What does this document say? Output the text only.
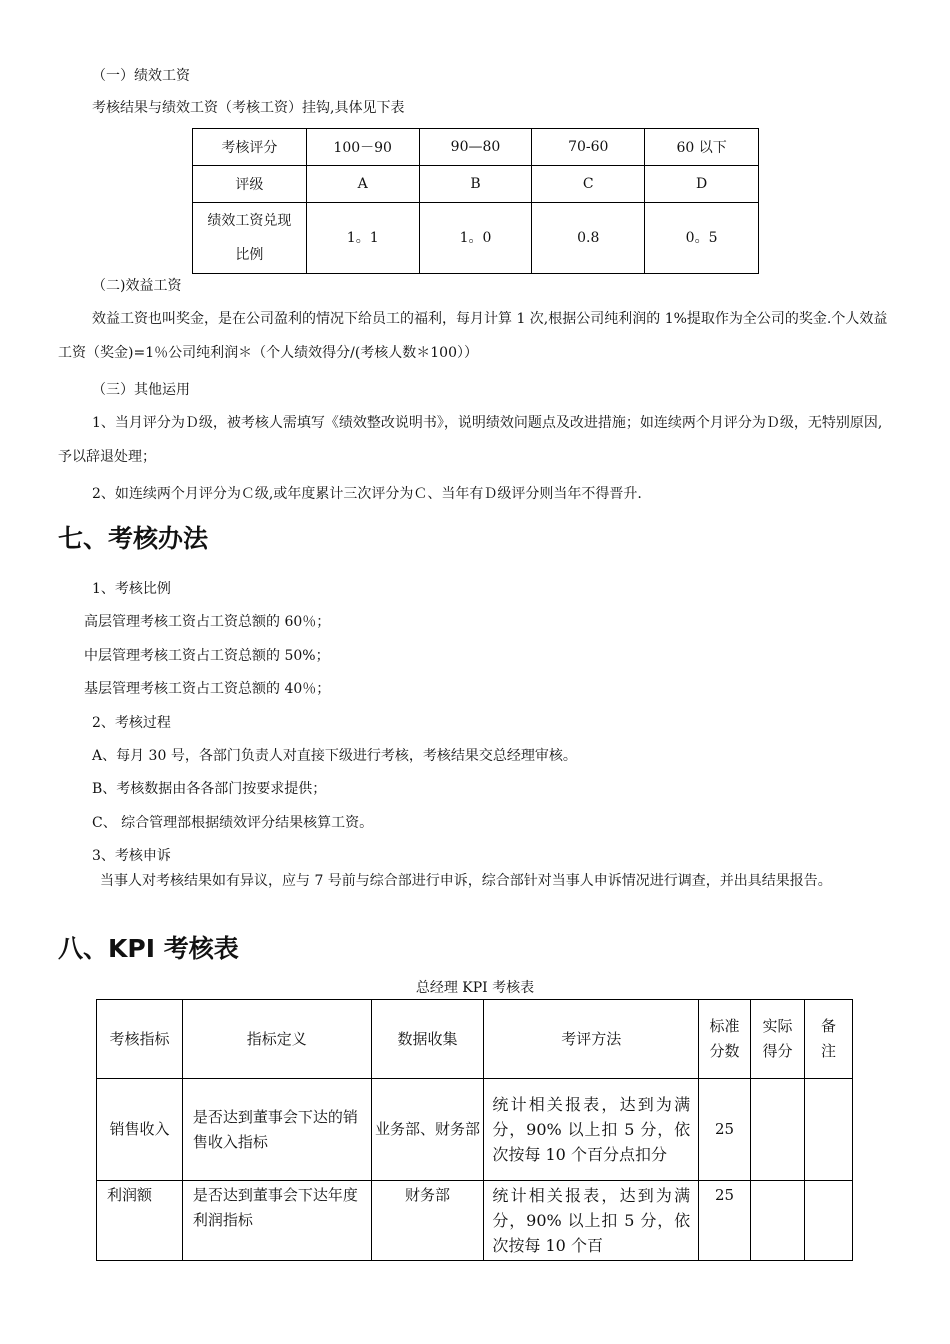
（一）绩效工资
考核结果与绩效工资（考核工资）挂钩,具体见下表
考核评分	100－90	90—80	70-60	60 以下
评级	A	B	C	D
绩效工资兑现比例	1。1	1。0	0.8	0。5
（二)效益工资
效益工资也叫奖金，是在公司盈利的情况下给员工的福利，每月计算 1 次,根据公司纯利润的 1%提取作为全公司的奖金.个人效益工资（奖金)=1％公司纯利润＊（个人绩效得分/(考核人数＊100））
（三）其他运用
1、当月评分为Ｄ级，被考核人需填写《绩效整改说明书》，说明绩效问题点及改进措施；如连续两个月评分为Ｄ级，无特别原因,予以辞退处理；
2、如连续两个月评分为Ｃ级,或年度累计三次评分为Ｃ、当年有Ｄ级评分则当年不得晋升.
七、考核办法
1、考核比例
高层管理考核工资占工资总额的 60％；
中层管理考核工资占工资总额的 50%；
基层管理考核工资占工资总额的 40％；
2、考核过程
A、每月 30 号，各部门负责人对直接下级进行考核，考核结果交总经理审核。
B、考核数据由各各部门按要求提供；
C、 综合管理部根据绩效评分结果核算工资。
3、考核申诉
当事人对考核结果如有异议，应与 7 号前与综合部进行申诉，综合部针对当事人申诉情况进行调查，并出具结果报告。
八、KPI 考核表
总经理 KPI 考核表
考核指标	指标定义	数据收集	考评方法	标准分数	实际得分	备注
销售收入	是否达到董事会下达的销售收入指标	业务部、财务部	统计相关报表，达到为满分，90% 以上扣 5 分，依次按每 10 个百分点扣分	25		
利润额	是否达到董事会下达年度利润指标	财务部	统计相关报表，达到为满分，90% 以上扣 5 分，依次按每 10 个百	25		
